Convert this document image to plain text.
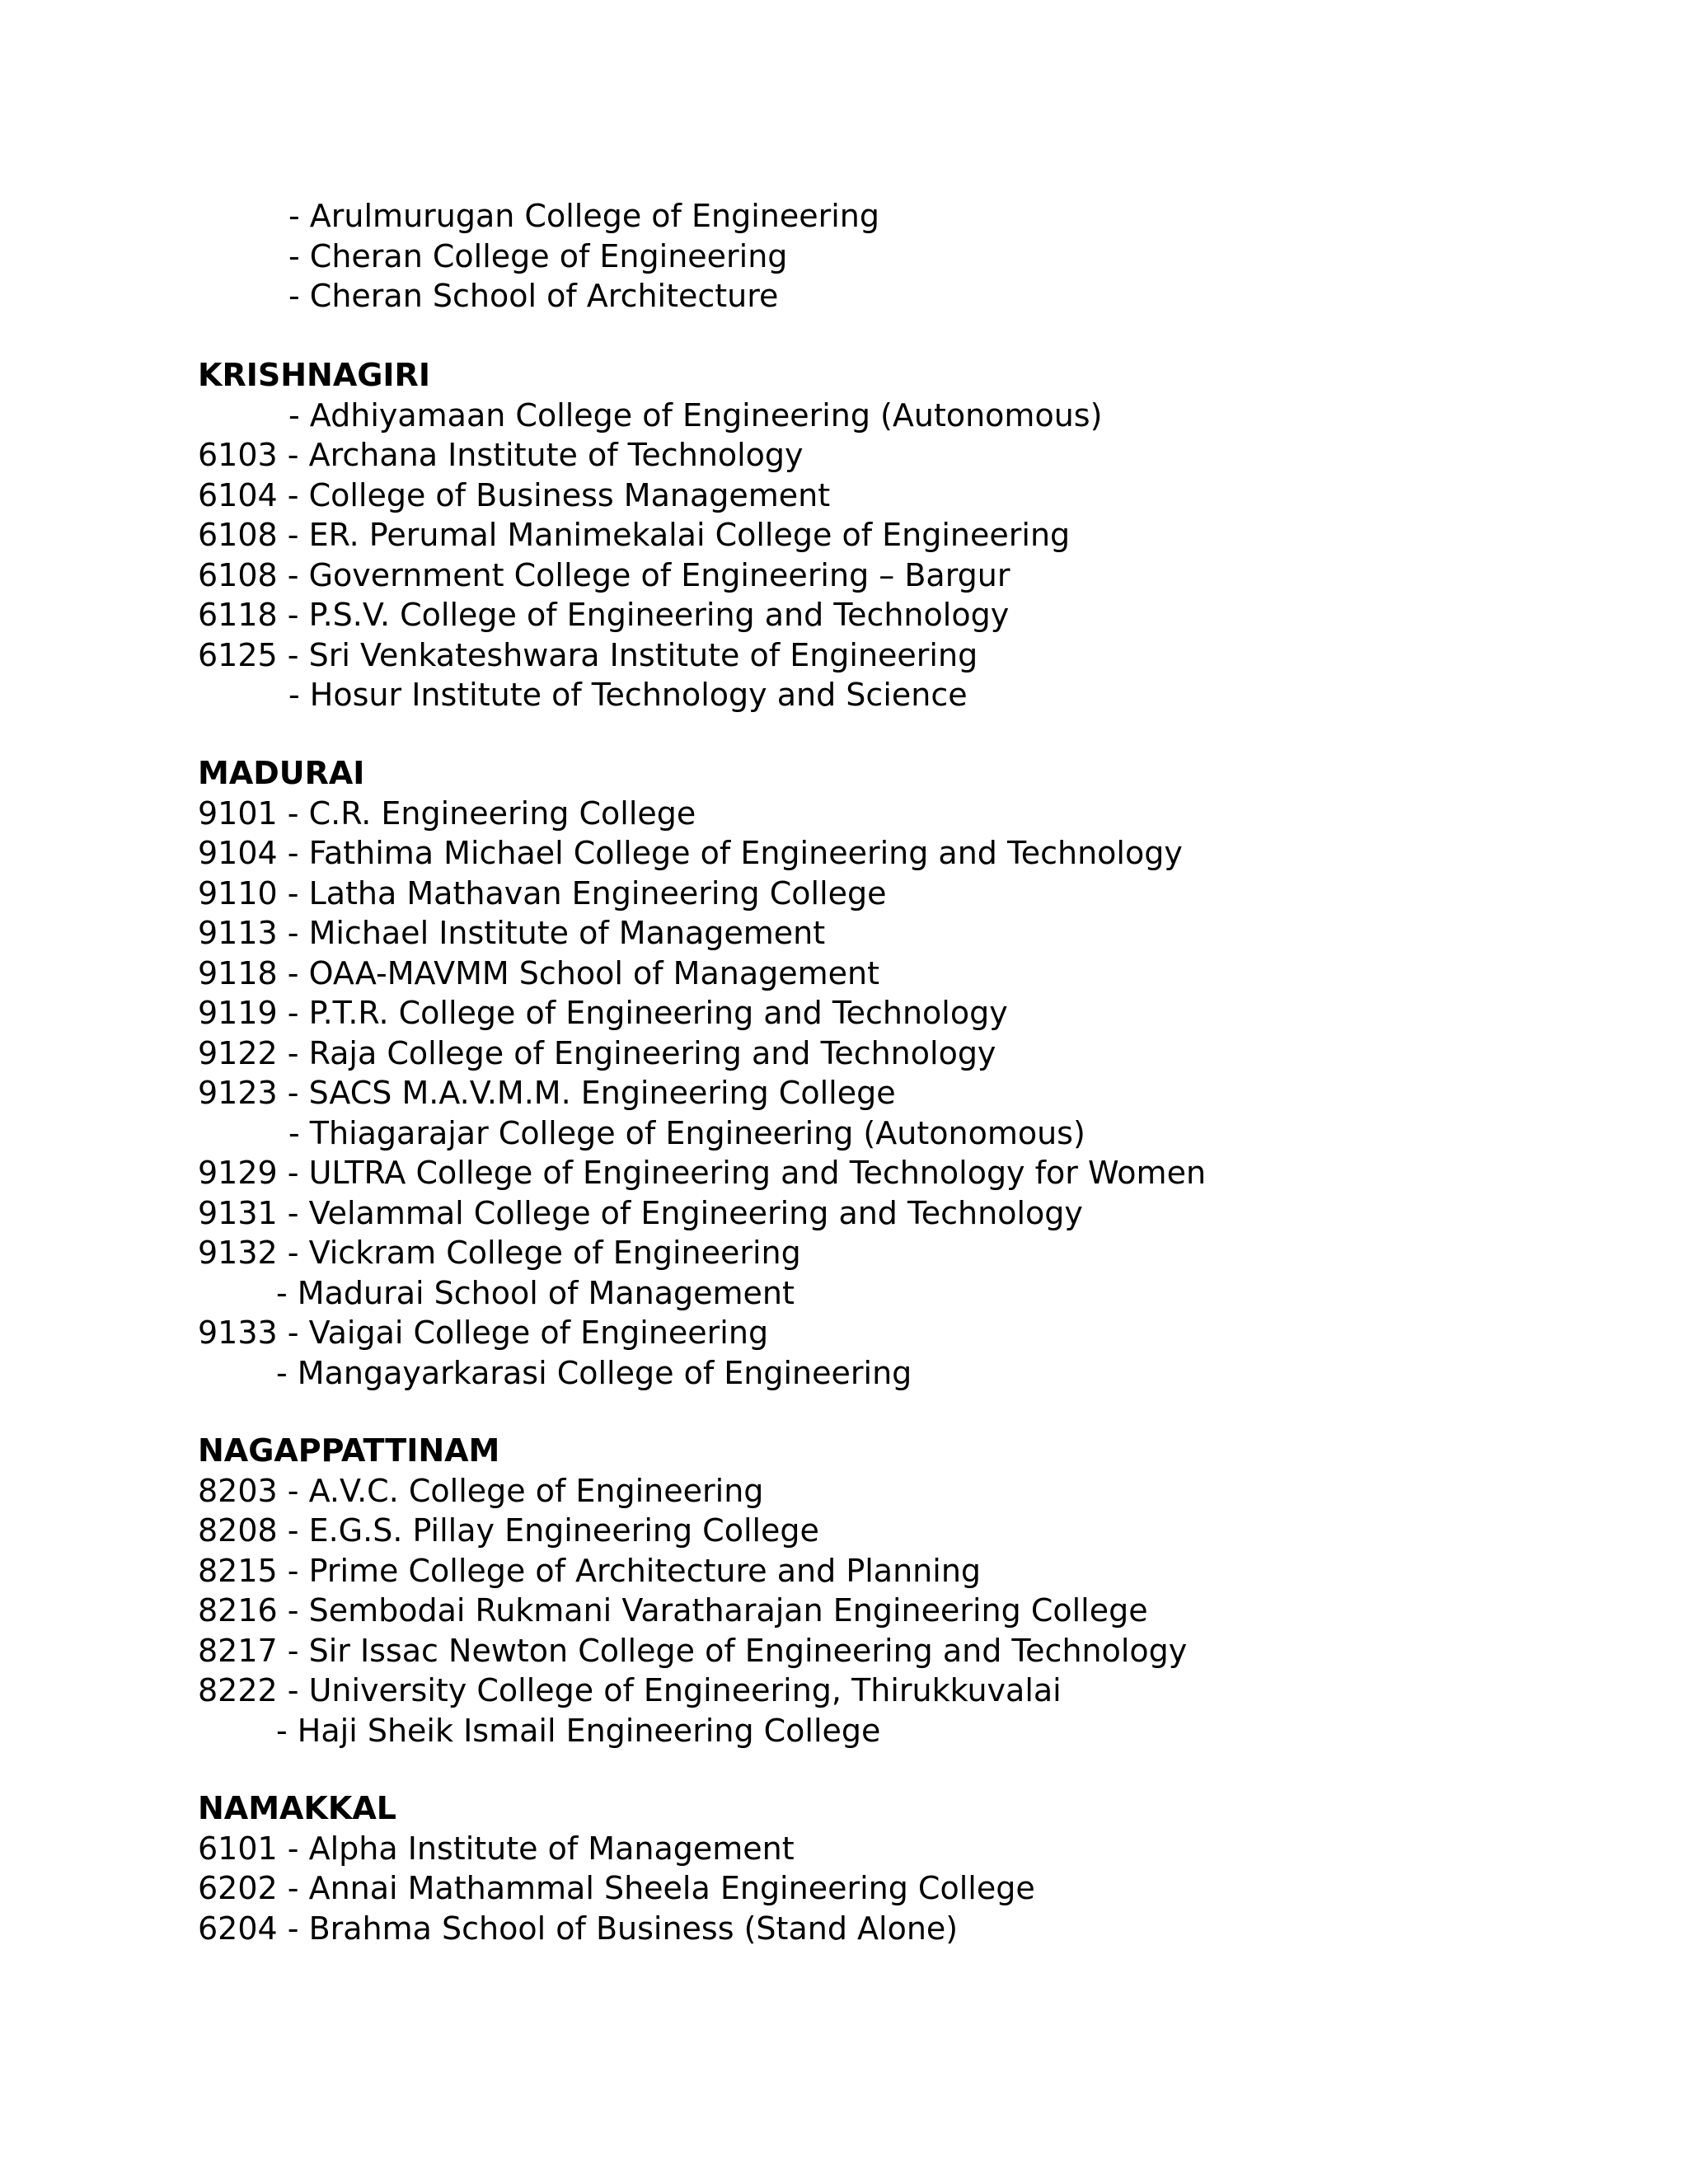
- Arulmurugan College of Engineering
- Cheran College of Engineering
- Cheran School of Architecture
KRISHNAGIRI
- Adhiyamaan College of Engineering (Autonomous)
6103 - Archana Institute of Technology
6104 - College of Business Management
6108 - ER. Perumal Manimekalai College of Engineering
6108 - Government College of Engineering – Bargur
6118 - P.S.V. College of Engineering and Technology
6125 - Sri Venkateshwara Institute of Engineering
- Hosur Institute of Technology and Science
MADURAI
9101 - C.R. Engineering College
9104 - Fathima Michael College of Engineering and Technology
9110 - Latha Mathavan Engineering College
9113 - Michael Institute of Management
9118 - OAA-MAVMM School of Management
9119 - P.T.R. College of Engineering and Technology
9122 - Raja College of Engineering and Technology
9123 - SACS M.A.V.M.M. Engineering College
- Thiagarajar College of Engineering (Autonomous)
9129 - ULTRA College of Engineering and Technology for Women
9131 - Velammal College of Engineering and Technology
9132 - Vickram College of Engineering
- Madurai School of Management
9133 - Vaigai College of Engineering
- Mangayarkarasi College of Engineering
NAGAPPATTINAM
8203 - A.V.C. College of Engineering
8208 - E.G.S. Pillay Engineering College
8215 - Prime College of Architecture and Planning
8216 - Sembodai Rukmani Varatharajan Engineering College
8217 - Sir Issac Newton College of Engineering and Technology
8222 - University College of Engineering, Thirukkuvalai
- Haji Sheik Ismail Engineering College
NAMAKKAL
6101 - Alpha Institute of Management
6202 - Annai Mathammal Sheela Engineering College
6204 - Brahma School of Business (Stand Alone)
